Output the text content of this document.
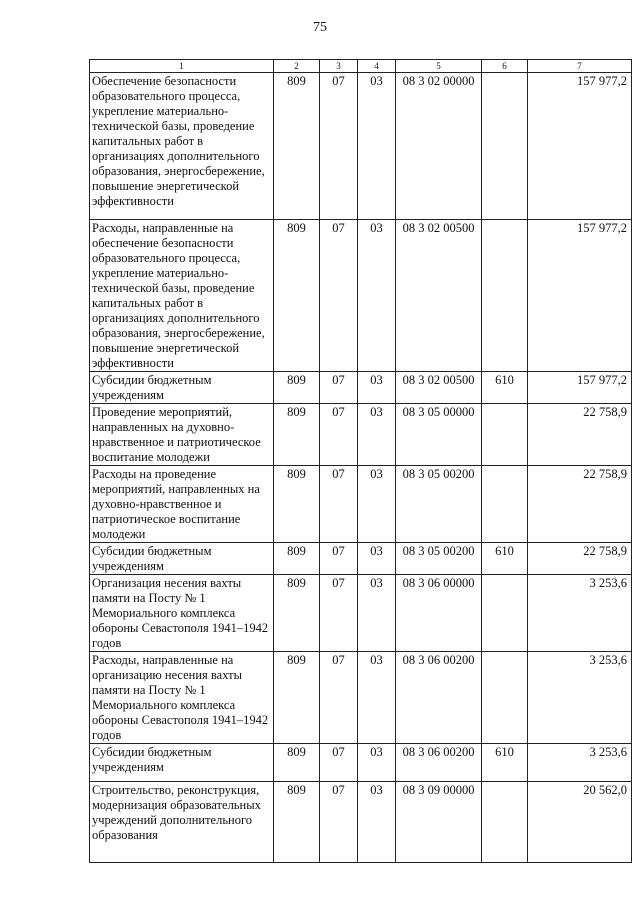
75
1	2	3	4	5	6	7
Обеспечение безопасности образовательного процесса, укрепление материально-технической базы, проведение капитальных работ в организациях дополнительного образования, энергосбережение, повышение энергетической эффективности	809	07	03	08 3 02 00000		157 977,2
Расходы, направленные на обеспечение безопасности образовательного процесса, укрепление материально-технической базы, проведение капитальных работ в организациях дополнительного образования, энергосбережение, повышение энергетической эффективности	809	07	03	08 3 02 00500		157 977,2
Субсидии бюджетным учреждениям	809	07	03	08 3 02 00500	610	157 977,2
Проведение мероприятий, направленных на духовно-нравственное и патриотическое воспитание молодежи	809	07	03	08 3 05 00000		22 758,9
Расходы на проведение мероприятий, направленных на духовно-нравственное и патриотическое воспитание молодежи	809	07	03	08 3 05 00200		22 758,9
Субсидии бюджетным учреждениям	809	07	03	08 3 05 00200	610	22 758,9
Организация несения вахты памяти на Посту № 1 Мемориального комплекса обороны Севастополя 1941–1942 годов	809	07	03	08 3 06 00000		3 253,6
Расходы, направленные на организацию несения вахты памяти на Посту № 1 Мемориального комплекса обороны Севастополя 1941–1942 годов	809	07	03	08 3 06 00200		3 253,6
Субсидии бюджетным учреждениям	809	07	03	08 3 06 00200	610	3 253,6
Строительство, реконструкция, модернизация образовательных учреждений дополнительного образования	809	07	03	08 3 09 00000		20 562,0
